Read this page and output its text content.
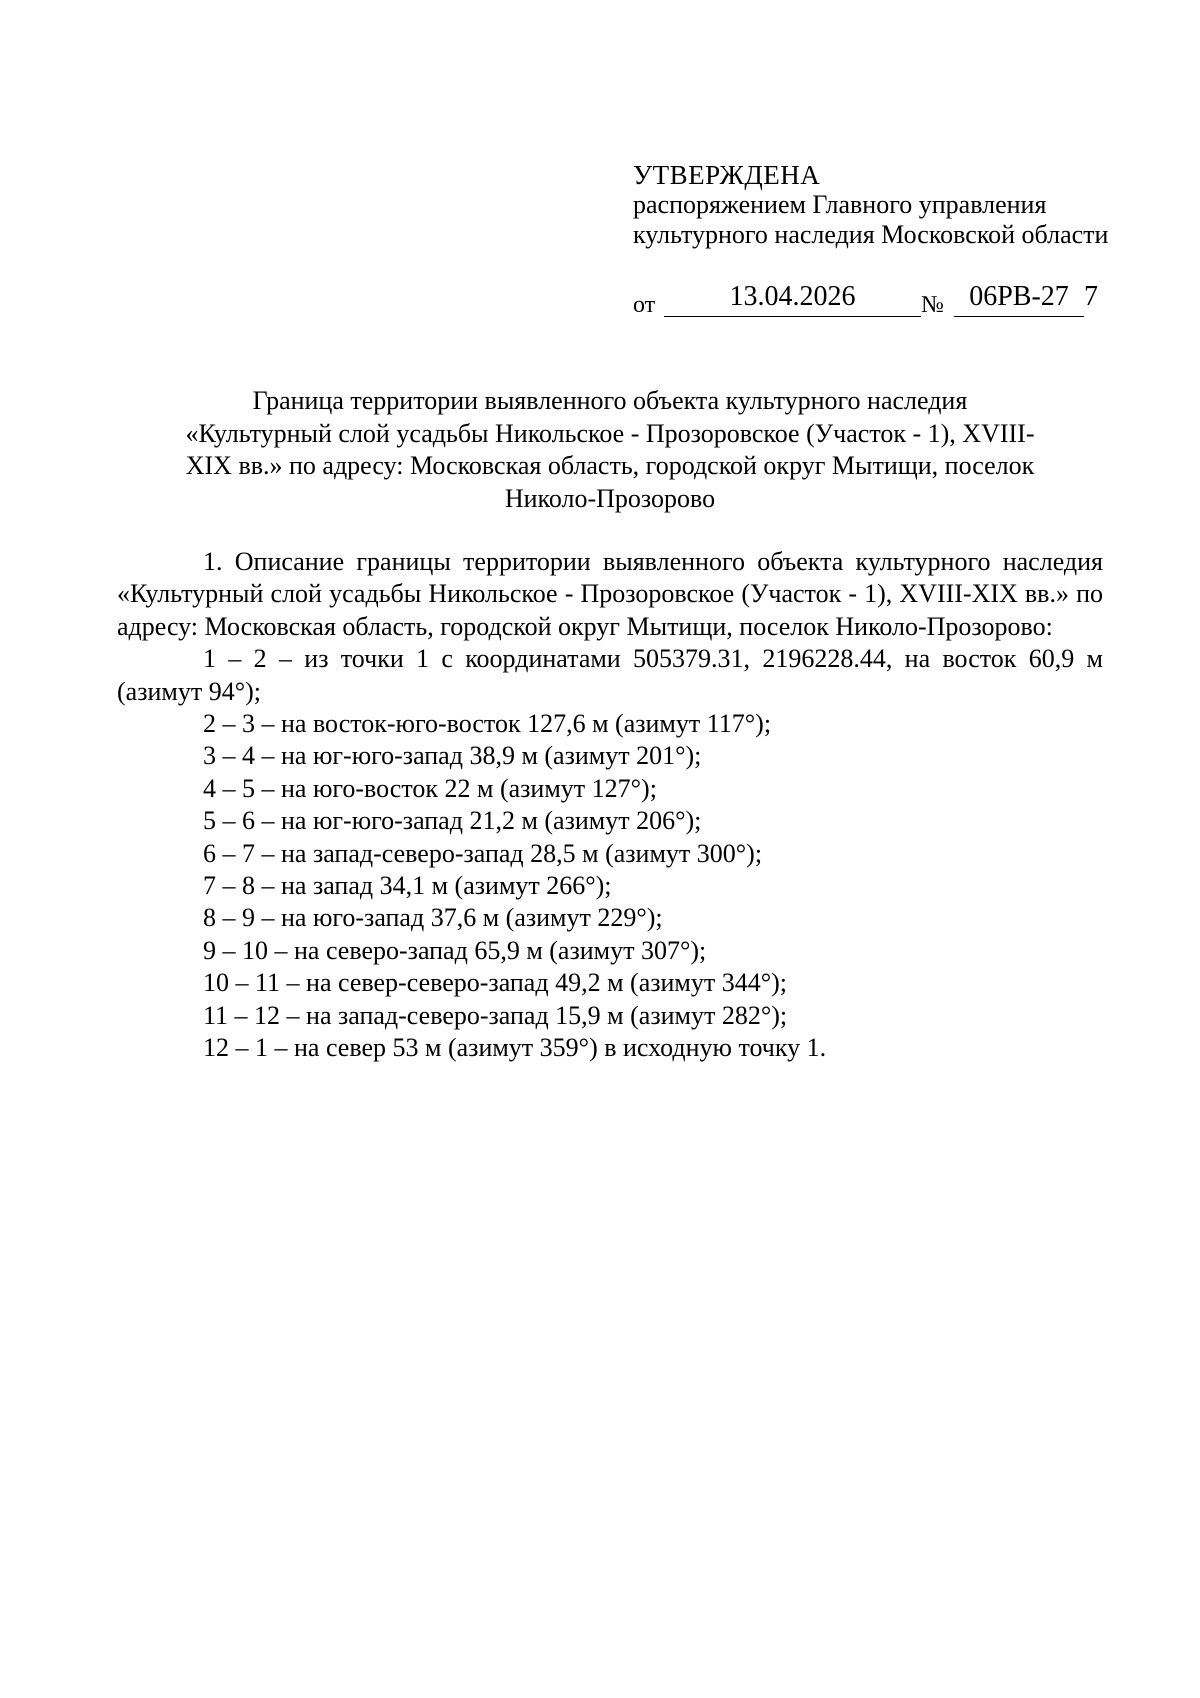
УТВЕРЖДЕНА
распоряжением Главного управления
культурного наследия Московской области
от	13.04.2026	№ 06РВ-27 7
Граница территории выявленного объекта культурного наследия
«Культурный слой усадьбы Никольское - Прозоровское (Участок - 1), XVIII-
XIX вв.» по адресу: Московская область, городской округ Мытищи, поселок
Николо-Прозорово

1. Описание границы территории выявленного объекта культурного наследия «Культурный слой усадьбы Никольское - Прозоровское (Участок - 1), XVIII-XIX вв.» по адресу: Московская область, городской округ Мытищи, поселок Николо-Прозорово:

1 – 2 – из точки 1 с координатами 505379.31, 2196228.44, на восток 60,9 м (азимут 94°);

2 – 3 – на восток-юго-восток 127,6 м (азимут 117°);

3 – 4 – на юг-юго-запад 38,9 м (азимут 201°);

4 – 5 – на юго-восток 22 м (азимут 127°);

5 – 6 – на юг-юго-запад 21,2 м (азимут 206°);

6 – 7 – на запад-северо-запад 28,5 м (азимут 300°);

7 – 8 – на запад 34,1 м (азимут 266°);

8 – 9 – на юго-запад 37,6 м (азимут 229°);

9 – 10 – на северо-запад 65,9 м (азимут 307°);

10 – 11 – на север-северо-запад 49,2 м (азимут 344°);

11 – 12 – на запад-северо-запад 15,9 м (азимут 282°);

12 – 1 – на север 53 м (азимут 359°) в исходную точку 1.
